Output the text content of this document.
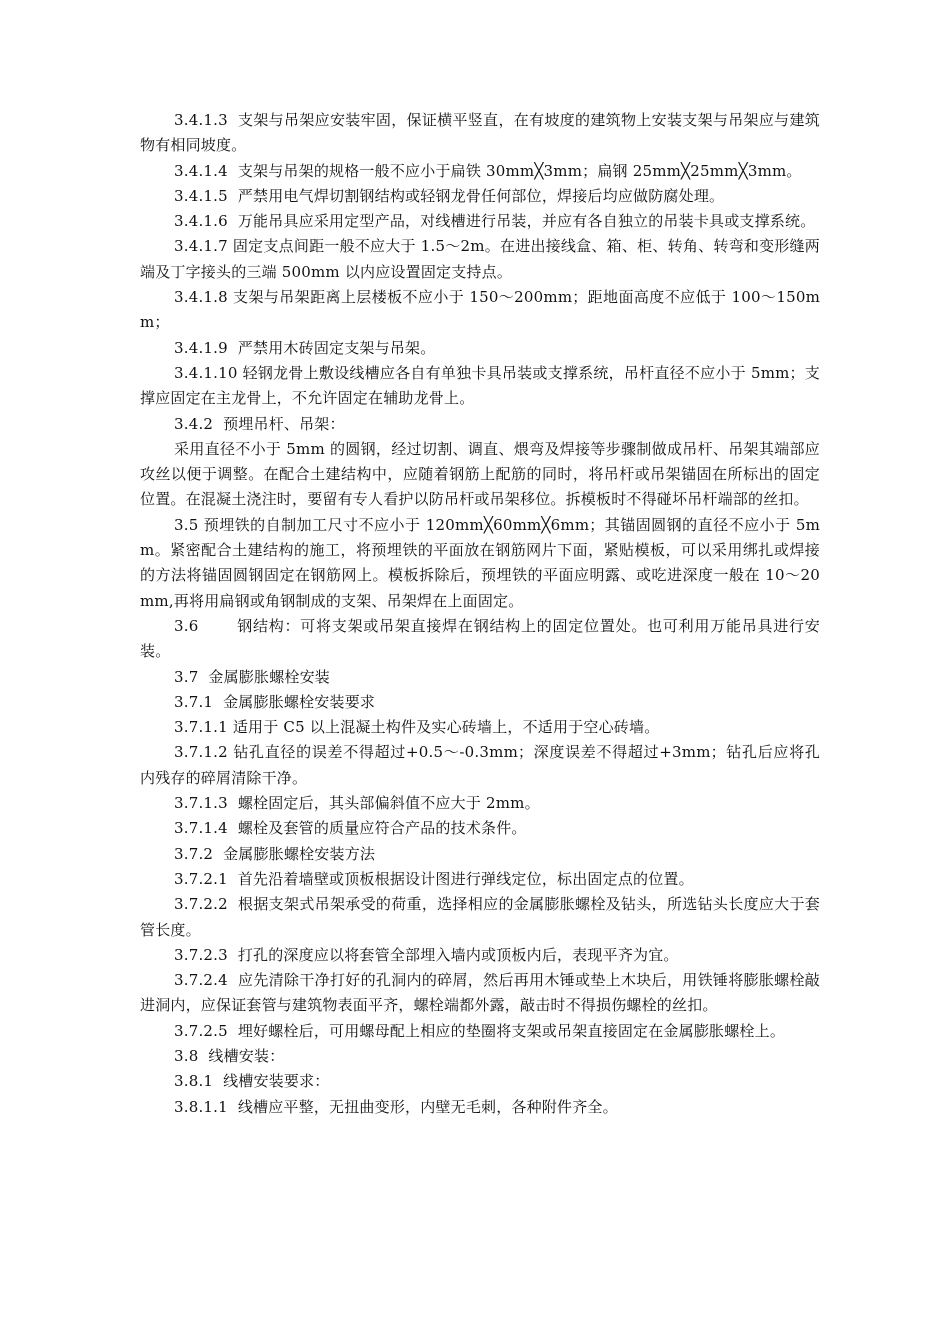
3.4.1.3  支架与吊架应安装牢固，保证横平竖直，在有坡度的建筑物上安装支架与吊架应与建筑物有相同坡度。

3.4.1.4  支架与吊架的规格一般不应小于扁铁 30mm╳3mm；扁钢 25mm╳25mm╳3mm。

3.4.1.5  严禁用电气焊切割钢结构或轻钢龙骨任何部位，焊接后均应做防腐处理。

3.4.1.6  万能吊具应采用定型产品，对线槽进行吊装，并应有各自独立的吊装卡具或支撑系统。

3.4.1.7 固定支点间距一般不应大于 1.5～2m。在进出接线盒、箱、柜、转角、转弯和变形缝两端及丁字接头的三端 500mm 以内应设置固定支持点。

3.4.1.8 支架与吊架距离上层楼板不应小于 150～200mm；距地面高度不应低于 100～150mm；

3.4.1.9  严禁用木砖固定支架与吊架。

3.4.1.10 轻钢龙骨上敷设线槽应各自有单独卡具吊装或支撑系统，吊杆直径不应小于 5mm；支撑应固定在主龙骨上，不允许固定在辅助龙骨上。

3.4.2  预埋吊杆、吊架：

采用直径不小于 5mm 的圆钢，经过切割、调直、煨弯及焊接等步骤制做成吊杆、吊架其端部应攻丝以便于调整。在配合土建结构中，应随着钢筋上配筋的同时，将吊杆或吊架锚固在所标出的固定位置。在混凝土浇注时，要留有专人看护以防吊杆或吊架移位。拆模板时不得碰坏吊杆端部的丝扣。

3.5 预埋铁的自制加工尺寸不应小于 120mm╳60mm╳6mm；其锚固圆钢的直径不应小于 5mm。紧密配合土建结构的施工，将预埋铁的平面放在钢筋网片下面，紧贴模板，可以采用绑扎或焊接的方法将锚固圆钢固定在钢筋网上。模板拆除后，预埋铁的平面应明露、或吃进深度一般在 10～20mm,再将用扁钢或角钢制成的支架、吊架焊在上面固定。

3.6       钢结构：可将支架或吊架直接焊在钢结构上的固定位置处。也可利用万能吊具进行安装。

3.7  金属膨胀螺栓安装

3.7.1  金属膨胀螺栓安装要求

3.7.1.1 适用于 C5 以上混凝土构件及实心砖墙上，不适用于空心砖墙。

3.7.1.2 钻孔直径的误差不得超过+0.5～-0.3mm；深度误差不得超过+3mm；钻孔后应将孔内残存的碎屑清除干净。

3.7.1.3  螺栓固定后，其头部偏斜值不应大于 2mm。

3.7.1.4  螺栓及套管的质量应符合产品的技术条件。

3.7.2  金属膨胀螺栓安装方法

3.7.2.1  首先沿着墙壁或顶板根据设计图进行弹线定位，标出固定点的位置。

3.7.2.2  根据支架式吊架承受的荷重，选择相应的金属膨胀螺栓及钻头，所选钻头长度应大于套管长度。

3.7.2.3  打孔的深度应以将套管全部埋入墙内或顶板内后，表现平齐为宜。

3.7.2.4  应先清除干净打好的孔洞内的碎屑，然后再用木锤或垫上木块后，用铁锤将膨胀螺栓敲进洞内，应保证套管与建筑物表面平齐，螺栓端都外露，敲击时不得损伤螺栓的丝扣。

3.7.2.5  埋好螺栓后，可用螺母配上相应的垫圈将支架或吊架直接固定在金属膨胀螺栓上。

3.8  线槽安装：

3.8.1  线槽安装要求：

3.8.1.1  线槽应平整，无扭曲变形，内壁无毛刺，各种附件齐全。
